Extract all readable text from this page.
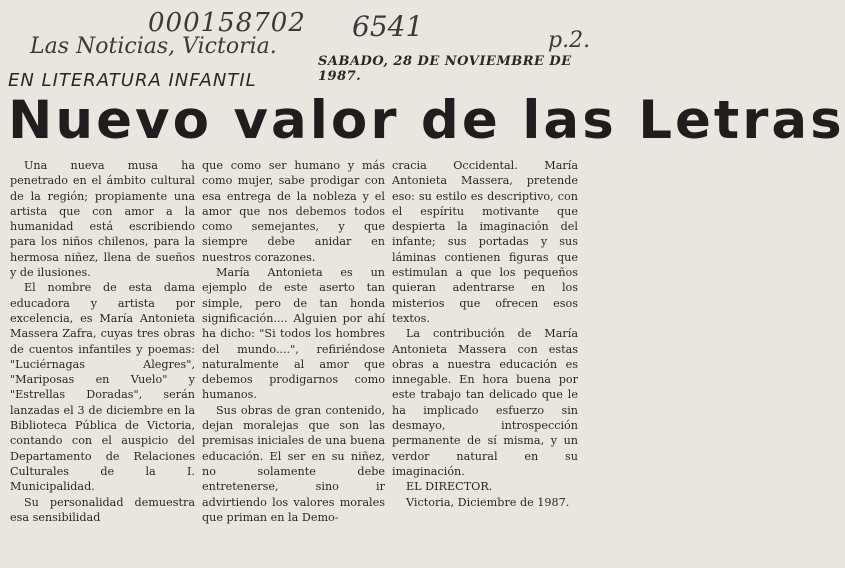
000158702
Las Noticias, Victoria.
6541	p.2.
SABADO, 28 DE NOVIEMBRE DE 1987.
EN LITERATURA INFANTIL
Nuevo valor de las Letras

Una nueva musa ha penetrado en el ámbito cultural de la región; propiamente una artista que con amor a la humanidad está escribiendo para los niños chilenos, para la hermosa niñez, llena de sueños y de ilusiones.

El nombre de esta dama educadora y artista por excelencia, es María Antonieta Massera Zafra, cuyas tres obras de cuentos infantiles y poemas: "Luciérnagas Alegres", "Mariposas en Vuelo" y "Estrellas Doradas", serán lanzadas el 3 de diciembre en la Biblioteca Pública de Victoria, contando con el auspicio del Departamento de Relaciones Culturales de la I. Municipalidad.

Su personalidad demuestra esa sensibilidad

que como ser humano y más como mujer, sabe prodigar con esa entrega de la nobleza y el amor que nos debemos todos como semejantes, y que siempre debe anidar en nuestros corazones.

María Antonieta es un ejemplo de este aserto tan simple, pero de tan honda significación.... Alguien por ahí ha dicho: "Si todos los hombres del mundo....", refiriéndose naturalmente al amor que debemos prodigarnos como humanos.

Sus obras de gran contenido, dejan moralejas que son las premisas iniciales de una buena educación. El ser en su niñez, no solamente debe entretenerse, sino ir advirtiendo los valores morales que priman en la Demo-

cracia Occidental. María Antonieta Massera, pretende eso: su estilo es descriptivo, con el espíritu motivante que despierta la imaginación del infante; sus portadas y sus láminas contienen figuras que estimulan a que los pequeños quieran adentrarse en los misterios que ofrecen esos textos.

La contribución de María Antonieta Massera con estas obras a nuestra educación es innegable. En hora buena por este trabajo tan delicado que le ha implicado esfuerzo sin desmayo, introspección permanente de sí misma, y un verdor natural en su imaginación.

EL DIRECTOR.

Victoria, Diciembre de 1987.
